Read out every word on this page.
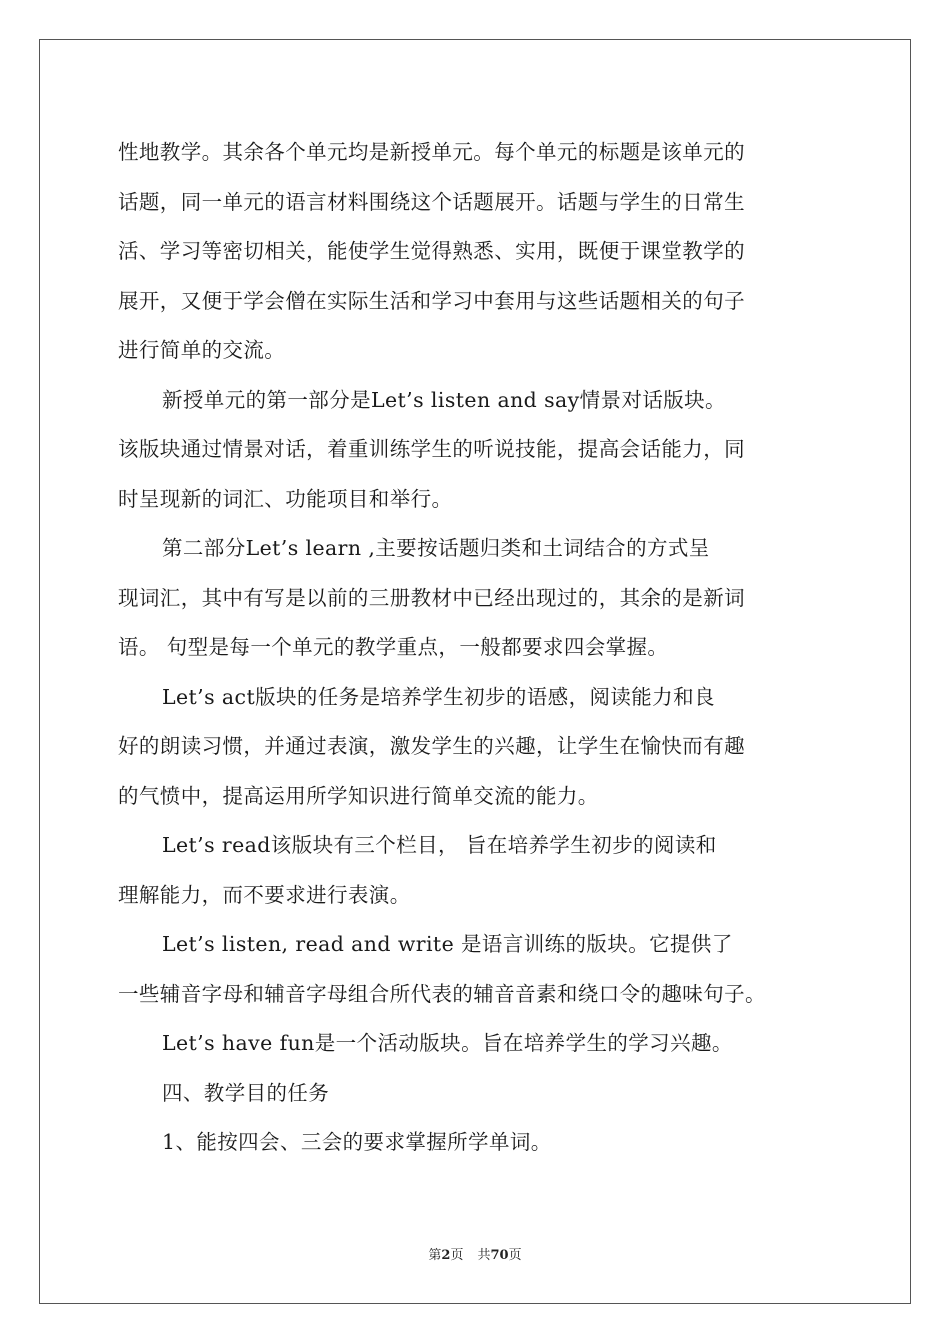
性地教学。其余各个单元均是新授单元。每个单元的标题是该单元的
话题，同一单元的语言材料围绕这个话题展开。话题与学生的日常生
活、学习等密切相关，能使学生觉得熟悉、实用，既便于课堂教学的
展开，又便于学会僧在实际生活和学习中套用与这些话题相关的句子
进行简单的交流。
新授单元的第一部分是Let’s listen and say情景对话版块。
该版块通过情景对话，着重训练学生的听说技能，提高会话能力，同
时呈现新的词汇、功能项目和举行。
第二部分Let’s learn ,主要按话题归类和土词结合的方式呈
现词汇，其中有写是以前的三册教材中已经出现过的，其余的是新词
语。 句型是每一个单元的教学重点，一般都要求四会掌握。
Let’s act版块的任务是培养学生初步的语感，阅读能力和良
好的朗读习惯，并通过表演，激发学生的兴趣，让学生在愉快而有趣
的气愤中，提高运用所学知识进行简单交流的能力。
Let’s read该版块有三个栏目， 旨在培养学生初步的阅读和
理解能力，而不要求进行表演。
Let’s listen, read and write 是语言训练的版块。它提供了
一些辅音字母和辅音字母组合所代表的辅音音素和绕口令的趣味句子。
Let’s have fun是一个活动版块。旨在培养学生的学习兴趣。
四、教学目的任务
1、能按四会、三会的要求掌握所学单词。
第2页 共70页
